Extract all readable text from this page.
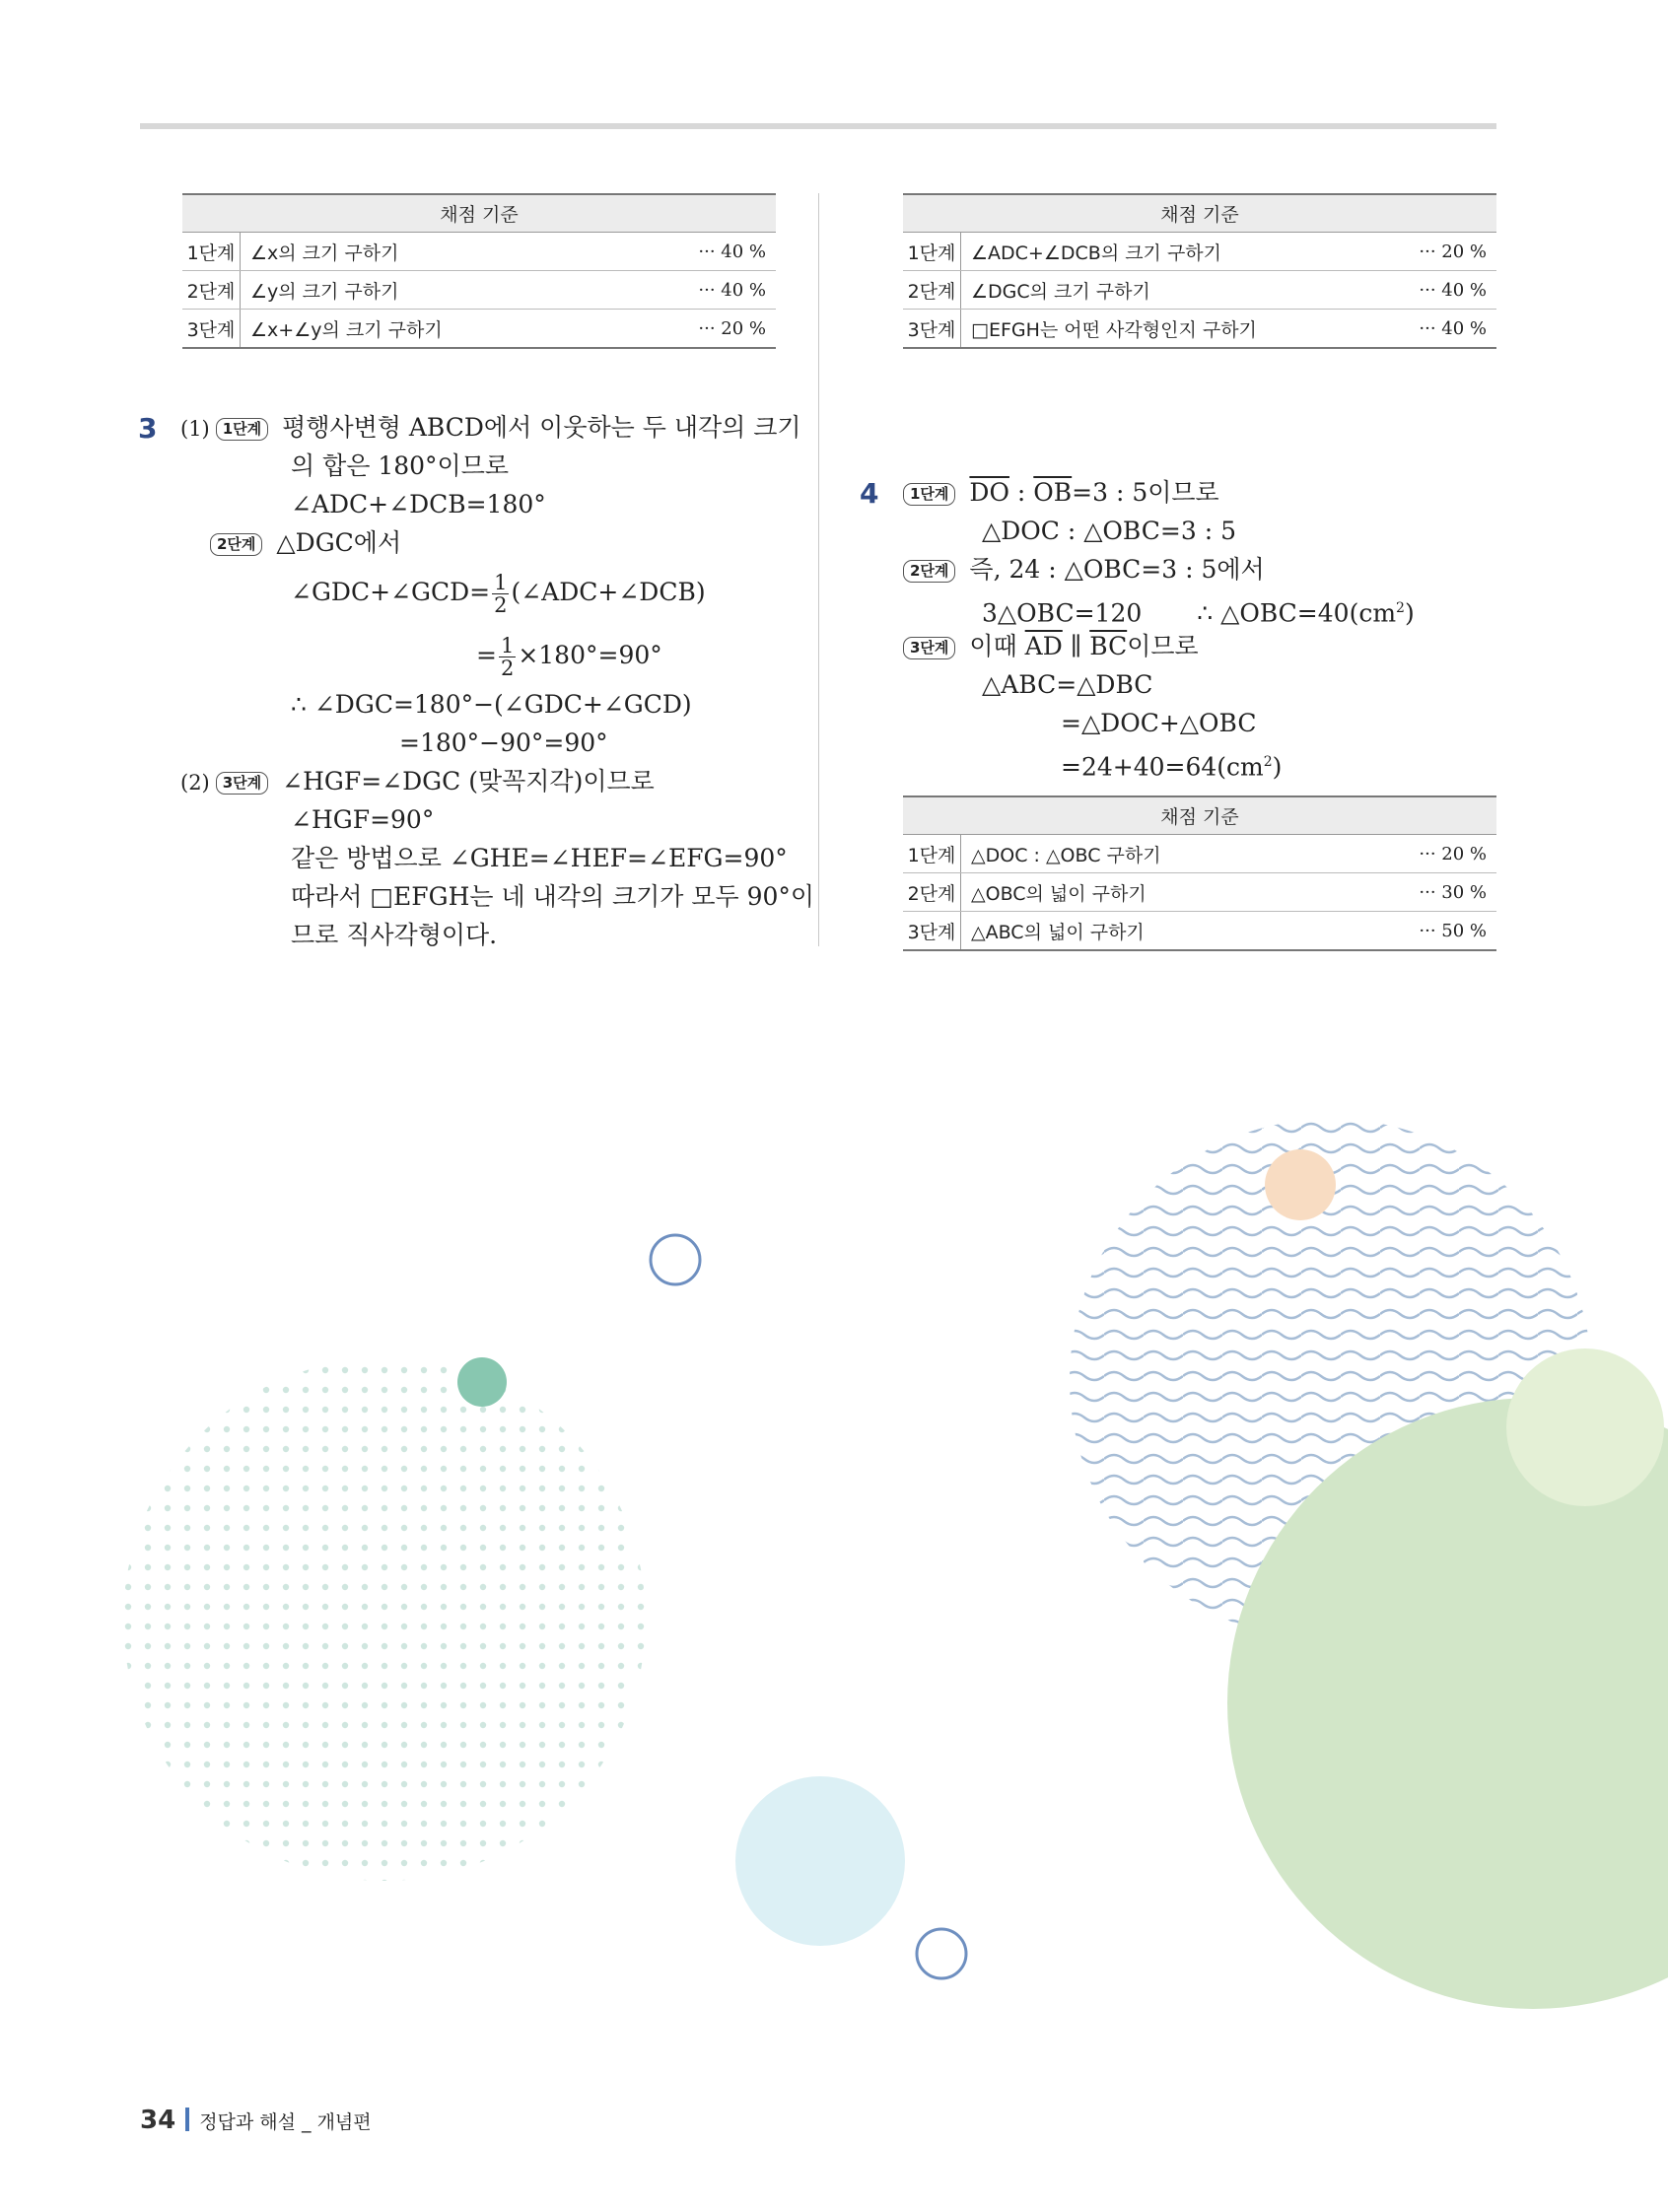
채점 기준		
1단계	∠x의 크기 구하기	··· 40 %
2단계	∠y의 크기 구하기	··· 40 %
3단계	∠x+∠y의 크기 구하기	··· 20 %
채점 기준		
1단계	∠ADC+∠DCB의 크기 구하기	··· 20 %
2단계	∠DGC의 크기 구하기	··· 40 %
3단계	□EFGH는 어떤 사각형인지 구하기	··· 40 %
3 (1) 1단계 평행사변형 ABCD에서 이웃하는 두 내각의 크기
의 합은 180°이므로
∠ADC+∠DCB=180°
2단계 △DGC에서
∠GDC+∠GCD= $\frac{1}{2}$ (∠ADC+∠DCB)
= $\frac{1}{2} \times 180^\circ=90^\circ$
∴ ∠DGC=180°−(∠GDC+∠GCD)
=180°−90°=90°
(2) 3단계 ∠HGF=∠DGC (맞꼭지각)이므로
∠HGF=90°
같은 방법으로 ∠GHE=∠HEF=∠EFG=90°
따라서 □EFGH는 네 내각의 크기가 모두 90°이
므로 직사각형이다.
4	1단계 $\overline{DO}$ : $\overline{OB}=3$ : 5이므로
△DOC : △OBC=3 : 5
2단계 즉, 24 : △OBC=3 : 5에서
3△OBC=120 ∴ $\triangle OBC=40(cm^2)$
3단계 이때 $\overline{AD}$ ∥ $\overline{BC}$이므로
△ABC=△DBC
=△DOC+△OBC
$=24+40=64(cm^2)$
채점 기준		
1단계	△DOC : △OBC 구하기	··· 20 %
2단계	△OBC의 넓이 구하기	··· 30 %
3단계	△ABC의 넓이 구하기	··· 50 %
34 정답과 해설 _ 개념편
